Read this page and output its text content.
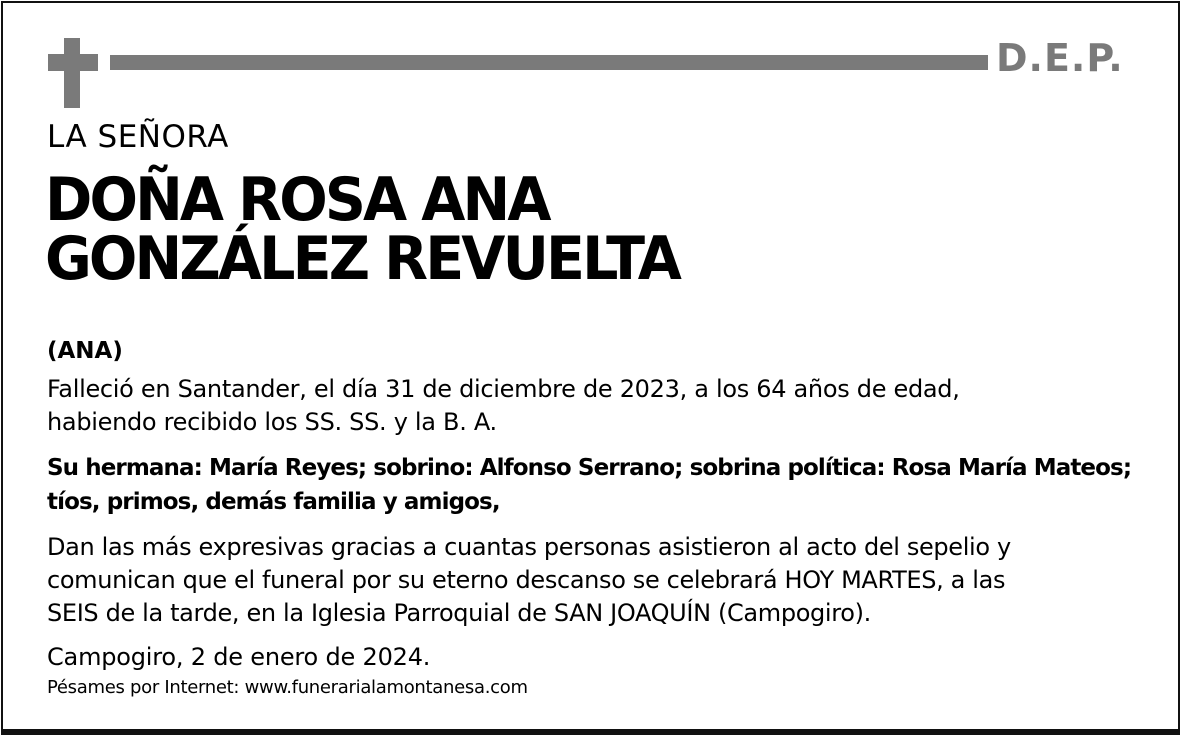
D.E.P.
LA SEÑORA
DOÑA ROSA ANA
GONZÁLEZ REVUELTA
(ANA)
Falleció en Santander, el día 31 de diciembre de 2023, a los 64 años de edad,
habiendo recibido los SS. SS. y la B. A.
Su hermana: María Reyes; sobrino: Alfonso Serrano; sobrina política: Rosa María Mateos;
tíos, primos, demás familia y amigos,
Dan las más expresivas gracias a cuantas personas asistieron al acto del sepelio y
comunican que el funeral por su eterno descanso se celebrará HOY MARTES, a las
SEIS de la tarde, en la Iglesia Parroquial de SAN JOAQUÍN (Campogiro).
Campogiro, 2 de enero de 2024.
Pésames por Internet: www.funerarialamontanesa.com
